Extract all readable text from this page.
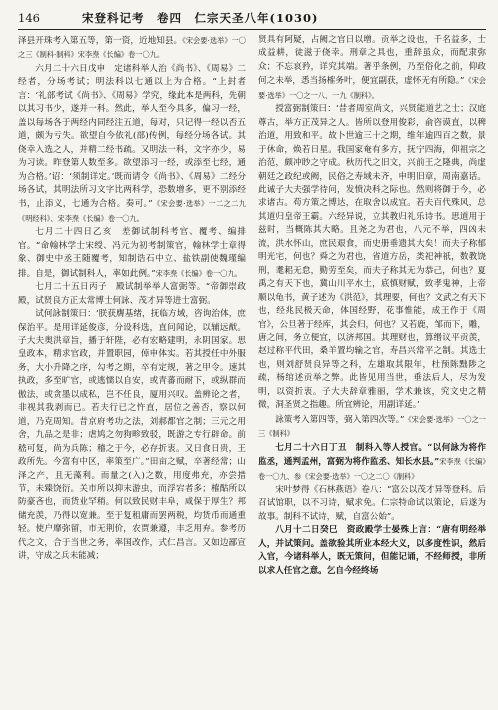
146	宋登科记考　卷四　仁宗天圣八年(1030)

泽县开珠考入第五等，第一资，近地知县。《宋会要·选举》一〇之三《制科·制科》宋李焘《长编》卷一〇九。

六月二十六日戊申　定诸科举人治《尚书》、《周易》二经者，分场考试；明法科以七通以上为合格。“上封者言：‘礼部考试《尚书》、《周易》学究，缘此本是两科，先朝以其习书少，遂并一科。然此，举人至今具多，偏习一经，盖以每场各于两经内同经注五道，每对，只记得一经以否五道，颇为亏失。欲望自今依礼(部)传例，每经分场各试。其侥幸入选之人，并精二经书疏。又明法一科，文字亦少，易为习读。昨登第人数至多。欲望添习一经，或添至七经，通为合格。’诏：‘须制详定。’既而请令《尚书》、《周易》二经分场各试，其明法所习文字比两科学，恐数增多，更不别添经书，止添义，七通为合格。奏可。”《宋会要·选举》一二之二九《明经科》、宋李焘《长编》卷一〇九。

七月二十四日乙亥　差御试制科考官、覆考、编排官。“命翰林学士宋绶、冯元为初考制策官，翰林学士章得象、御史中丞王随覆考，知制诰石中立、盐铁副使魏瑾编排。自是，御试制科人，率如此例。”宋李焘《长编》卷一〇九。

七月二十五日丙子　殿试制举举人富弼等。“帝御崇政殿，试贤良方正太常博士何詠、茂才异等进士富弼。

试何詠制策曰：‘朕获膺基绪，抚临方域，咨询治体，庶保治平。是用详延俊彦，分设科选，直问闻论，以辅远猷。子大夫奥洪章旨，播于轩陛，必有宏略建明，永阴国家。思皇政本，精求官政，并置职园，倬申体实。若其授任中外服务，大小升降之序，勾考之期，卒有定规，著之甲令。速其执政，多至旷官，或逃懦以自安，或青蕃而耐下，或纵群而傲法，或贪墨以成私，岂不任良，厦用兴叹。盖辨论之者，非视其我剥而已。若夫行已之忤直，居位之善否，察以何道，乃克周知。昔京府考功之法，刘郝都官之制；三元之用舍，九品之是非；虐鸠之勿狗畛致驳，既游之专行辟命。前嵇可复，尚为兵陈；稽之于今，必存折衷。又日食日贵，王政所先。今富有中区，率策至广。”田亩之赋，卒著经常；山泽之产，且无藻利。而量之(入)之数，用度弗充，亦尝措节，未臻饶衍。关市所以抑末游虫，而浮宕者多；榷酤所以防豪吝也，而货业罕稍。何以致民财丰阜，咸保于厚生？邦储充羡，乃得以宽兼。至于复租庸而罢两税，均货币而通重轻。使户靡弥留，市无荆价，农贾兼遵，丰乏用弃。参考历代之文，合于当世之务，率国改作，式仁昌言。又如边鄙宣讲，守成之兵未能减；

贤具有阿疑，占阙之官日以增。贡举之设也，千名益多，士成益耕，徒滋于侥幸。刑章之具也，重辞虽众，而配隶弥众；不忘哀矜，详究其端。著乎条例，乃至俗化之前，仰政何之未举，悉当扬榷务叶，便宜副获，虚怀无有所隐。”《宋会要·选举》一〇之一八、一九《制科》。

授富弼制策曰：‘昔者周室尚文，兴贤能道艺之士；汉庭尊古，举方正茂异之人。皆所以登用俊彩，俞咨谟直，以稗治道，用致和平。故卜世逾三十之期，维年逾四百之数，景于休命，焕若日星。我国家奄有多方，抚宁四海，仰祖宗之治范，颇冲眇之守成。秋历代之旧文，兴前王之隆典，尚虚朝廷之政纪或阙，民俗之寿域未齐，申明旧章，周南嘉话。此诚子大夫强学待问，发愤决科之际也。然则将御于今，必求诸古。苟方策之博达，在取舍以成宜。若夫百代殊风，总其道归皇帝王霸。六经异说，立其教归礼乐诗书。思道用于兹时，当概陈其大略。且尧之为君也，八元不举，四凶未流，洪水怀山，庶民艰食，而史册垂遗其大矣！而夫子称郁明光宅，何也？舜之为君也，省道方岳，类祀神祇，数教饶刑，耄耜无怠，勤劳至矣，而夫子称其无为恭己，何也？夏禹之有天下也，冀山川平水土，底慎财赋，致孝鬼神，上帝顺以龟书，黄子述为《洪范》，其理要，何也？文武之有天下也，经兆民极天命，体国经野，花事惟能，成王作于《周官》，公旦著于经库，其会归，何也？又若鹿，邹而下，雕，唐之间，务立便宜，以济邦国。其理财也，算缗议平贡羡，赵过称平代田，桑羊置均输之官，寿昌兴常平之制。其选士也，则刘舒贤良异等之科，左雄取其限年，杜预陈黜陟之疏，杨绾述贡举之弊。此皆见用当世，垂法后人，尽为发明，以资折衷。子大夫辞章雅丽，学术兼该，究文史之精微，洞圣贤之指趣。所宜辨论，用副详延。’

詠策考入第四等，弼入第四次等。”《宋会要·选举》一〇之一三《制科》

七月二十六日丁丑　制科入等人授官。“以何詠为将作监丞，通判孟州，富弼为将作监丞、知长水县。”宋李焘《长编》卷一〇九、参《宋会要·选举》一〇之二〇《制科》

宋叶梦得《石林燕语》卷八：“富公以茂才异等登科。后召试馆职，以不习诗，赋求免。仁宗特命试以策论，后遂为故事。制科不试诗，赋，自富公始”。

八月十二日癸巳　资政殿学士晏殊上言：“唐有明经举人，并试策问。盖欲验其所业本经大义，以多度性识，然后入官，今诸科举人，既无策问，但能记诵，不经师授，非所以求人任官之意。乞自今经终场
